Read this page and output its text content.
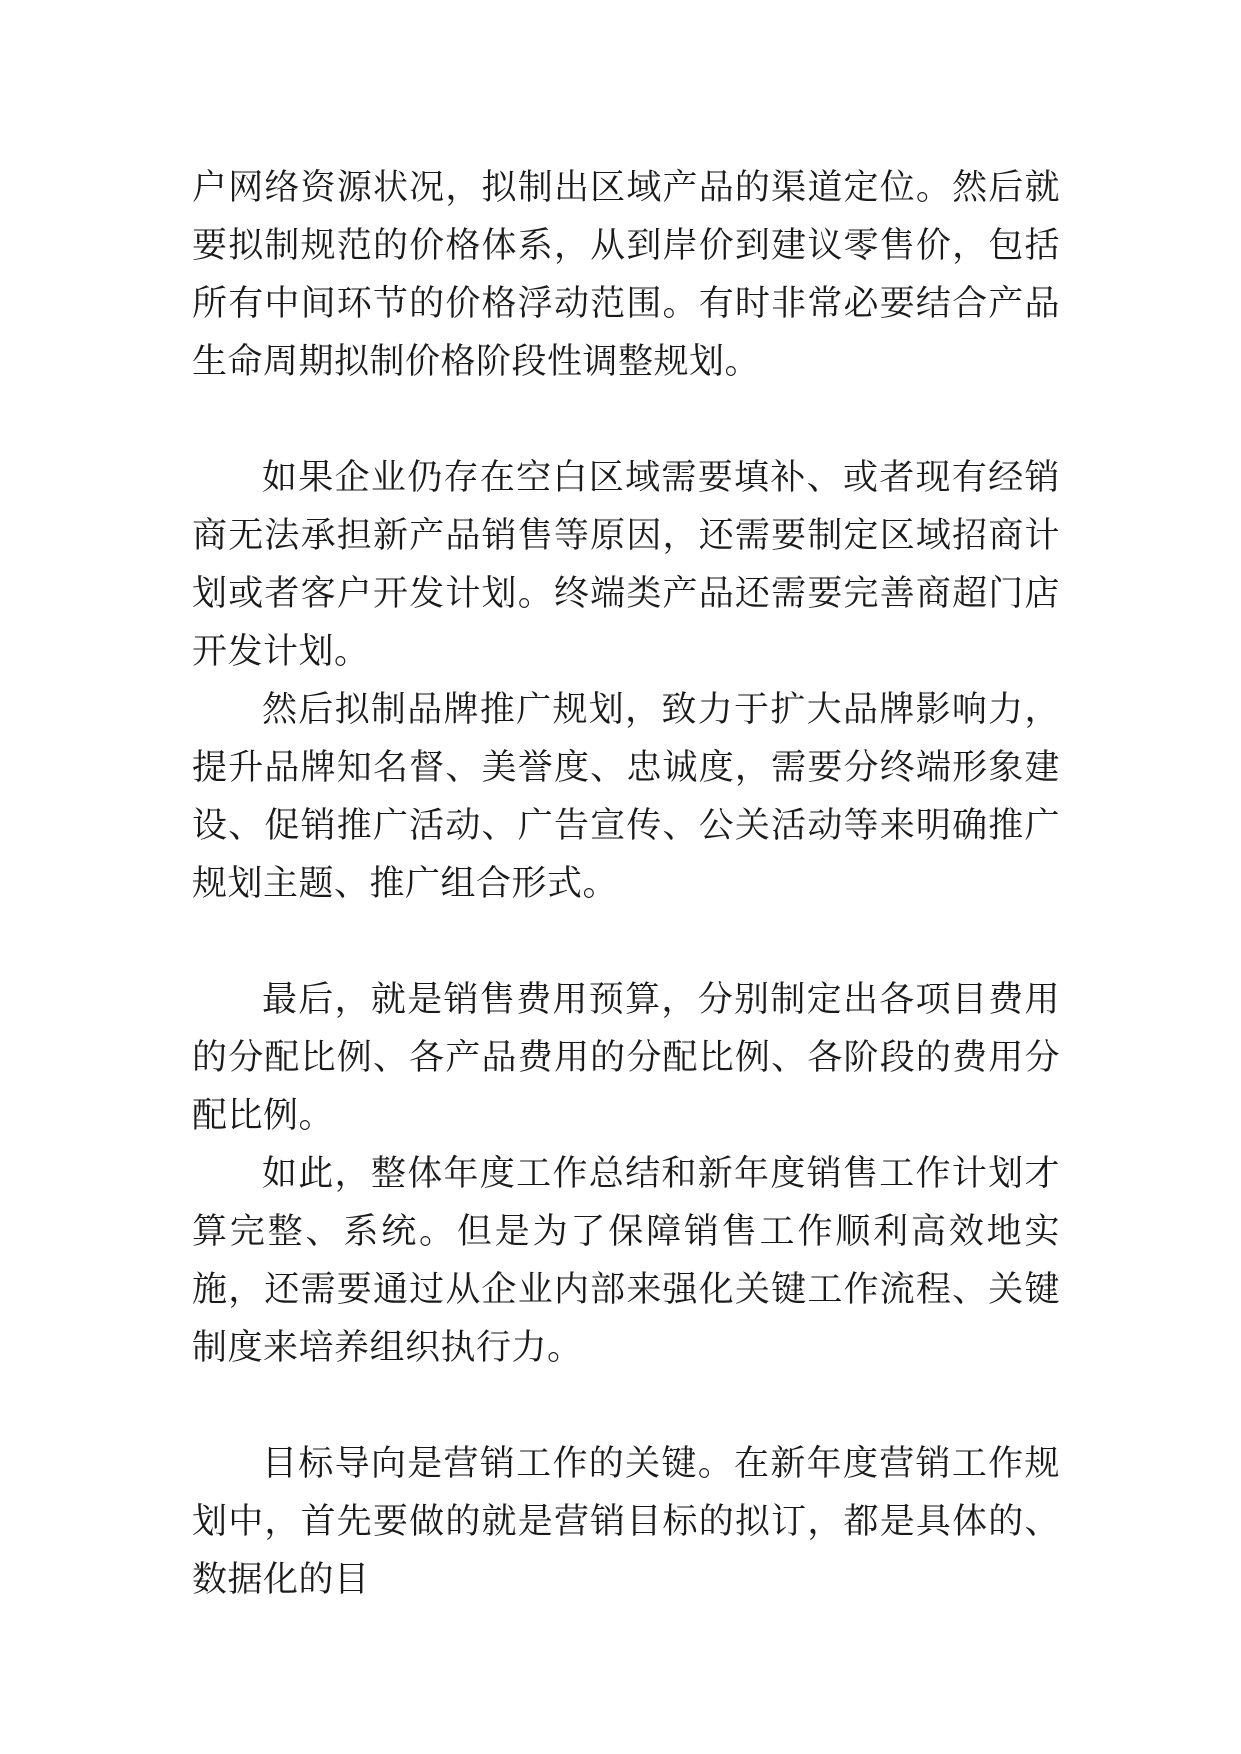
户网络资源状况，拟制出区域产品的渠道定位。然后就要拟制规范的价格体系，从到岸价到建议零售价，包括所有中间环节的价格浮动范围。有时非常必要结合产品生命周期拟制价格阶段性调整规划。

如果企业仍存在空白区域需要填补、或者现有经销商无法承担新产品销售等原因，还需要制定区域招商计划或者客户开发计划。终端类产品还需要完善商超门店开发计划。

然后拟制品牌推广规划，致力于扩大品牌影响力，提升品牌知名督、美誉度、忠诚度，需要分终端形象建设、促销推广活动、广告宣传、公关活动等来明确推广规划主题、推广组合形式。

最后，就是销售费用预算，分别制定出各项目费用的分配比例、各产品费用的分配比例、各阶段的费用分配比例。

如此，整体年度工作总结和新年度销售工作计划才算完整、系统。但是为了保障销售工作顺利高效地实施，还需要通过从企业内部来强化关键工作流程、关键制度来培养组织执行力。

目标导向是营销工作的关键。在新年度营销工作规划中，首先要做的就是营销目标的拟订，都是具体的、数据化的目
